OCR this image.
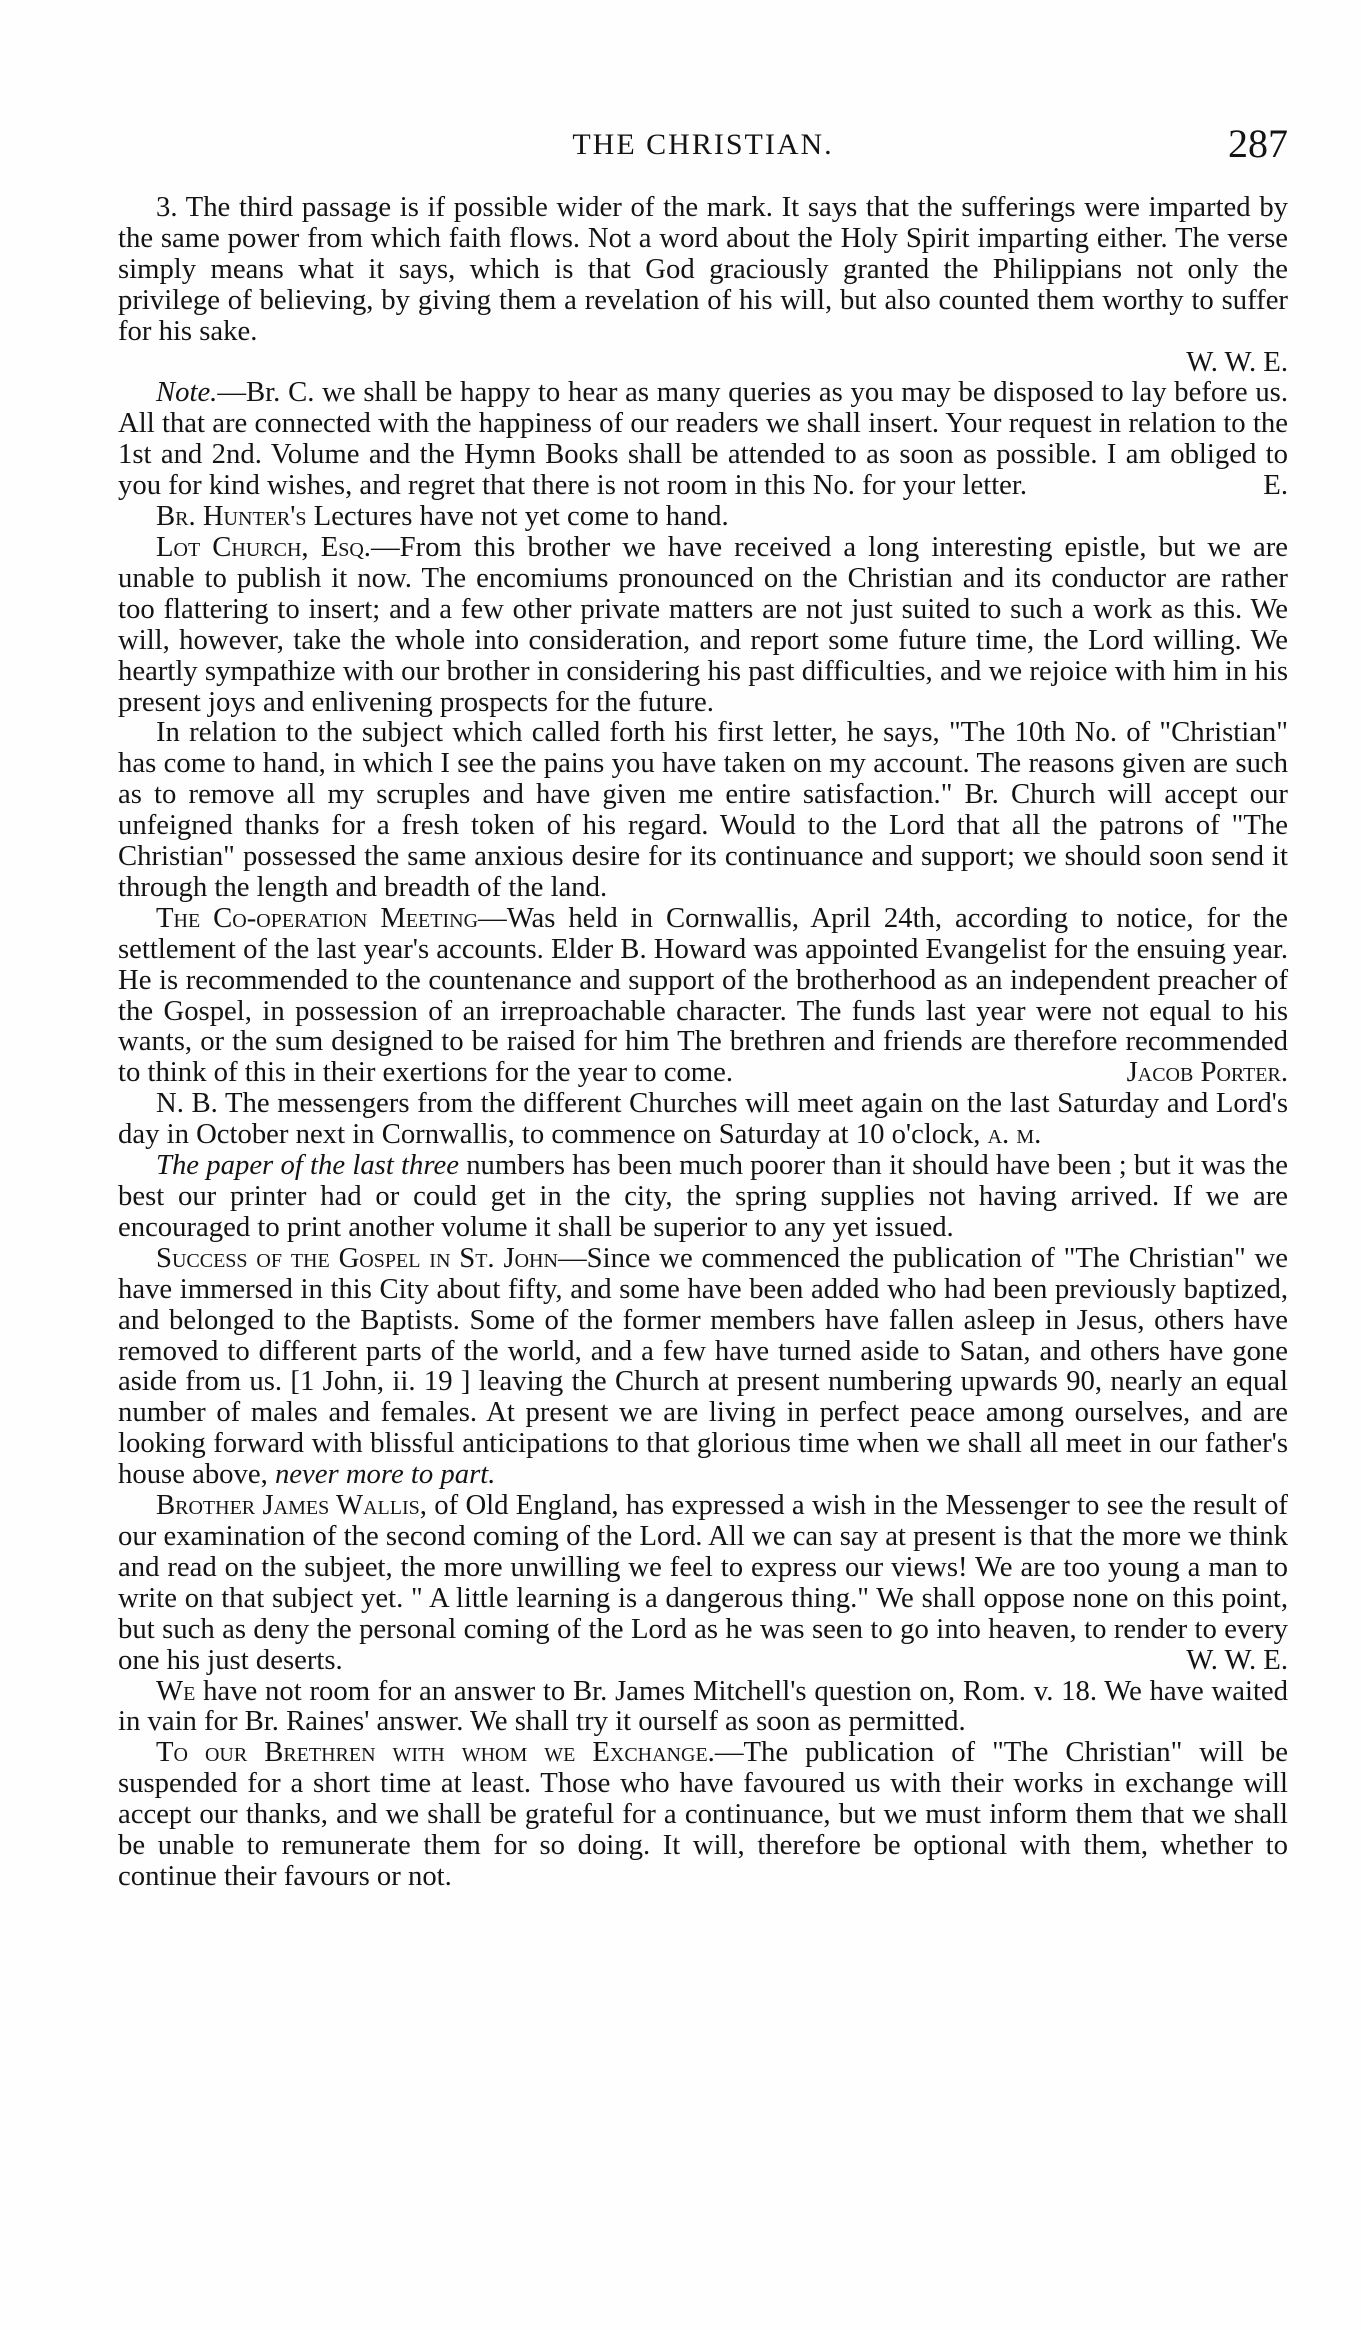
THE CHRISTIAN.	287

3. The third passage is if possible wider of the mark. It says that the sufferings were imparted by the same power from which faith flows. Not a word about the Holy Spirit imparting either. The verse simply means what it says, which is that God graciously granted the Philippians not only the privilege of believing, by giving them a revelation of his will, but also counted them worthy to suffer for his sake.
W. W. E.

Note.—Br. C. we shall be happy to hear as many queries as you may be disposed to lay before us. All that are connected with the happiness of our readers we shall insert. Your request in relation to the 1st and 2nd. Volume and the Hymn Books shall be attended to as soon as possible. I am obliged to you for kind wishes, and regret that there is not room in this No. for your letter.	E.

Br. Hunter's Lectures have not yet come to hand.

Lot Church, Esq.—From this brother we have received a long interesting epistle, but we are unable to publish it now. The encomiums pronounced on the Christian and its conductor are rather too flattering to insert; and a few other private matters are not just suited to such a work as this. We will, however, take the whole into consideration, and report some future time, the Lord willing. We heartly sympathize with our brother in considering his past difficulties, and we rejoice with him in his present joys and enlivening prospects for the future.

In relation to the subject which called forth his first letter, he says, "The 10th No. of "Christian" has come to hand, in which I see the pains you have taken on my account. The reasons given are such as to remove all my scruples and have given me entire satisfaction." Br. Church will accept our unfeigned thanks for a fresh token of his regard. Would to the Lord that all the patrons of "The Christian" possessed the same anxious desire for its continuance and support; we should soon send it through the length and breadth of the land.

The Co-operation Meeting—Was held in Cornwallis, April 24th, according to notice, for the settlement of the last year's accounts. Elder B. Howard was appointed Evangelist for the ensuing year. He is recommended to the countenance and support of the brotherhood as an independent preacher of the Gospel, in possession of an irreproachable character. The funds last year were not equal to his wants, or the sum designed to be raised for him The brethren and friends are therefore recommended to think of this in their exertions for the year to come.	Jacob Porter.

N. B. The messengers from the different Churches will meet again on the last Saturday and Lord's day in October next in Cornwallis, to commence on Saturday at 10 o'clock, a. m.

The paper of the last three numbers has been much poorer than it should have been ; but it was the best our printer had or could get in the city, the spring supplies not having arrived. If we are encouraged to print another volume it shall be superior to any yet issued.

Success of the Gospel in St. John—Since we commenced the publication of "The Christian" we have immersed in this City about fifty, and some have been added who had been previously baptized, and belonged to the Baptists. Some of the former members have fallen asleep in Jesus, others have removed to different parts of the world, and a few have turned aside to Satan, and others have gone aside from us. [1 John, ii. 19 ] leaving the Church at present numbering upwards 90, nearly an equal number of males and females. At present we are living in perfect peace among ourselves, and are looking forward with blissful anticipations to that glorious time when we shall all meet in our father's house above, never more to part.

Brother James Wallis, of Old England, has expressed a wish in the Messenger to see the result of our examination of the second coming of the Lord. All we can say at present is that the more we think and read on the subjeet, the more unwilling we feel to express our views! We are too young a man to write on that subject yet. " A little learning is a dangerous thing." We shall oppose none on this point, but such as deny the personal coming of the Lord as he was seen to go into heaven, to render to every one his just deserts.	W. W. E.

We have not room for an answer to Br. James Mitchell's question on, Rom. v. 18. We have waited in vain for Br. Raines' answer. We shall try it ourself as soon as permitted.

To our Brethren with whom we Exchange.—The publication of "The Christian" will be suspended for a short time at least. Those who have favoured us with their works in exchange will accept our thanks, and we shall be grateful for a continuance, but we must inform them that we shall be unable to remunerate them for so doing. It will, therefore be optional with them, whether to continue their favours or not.
